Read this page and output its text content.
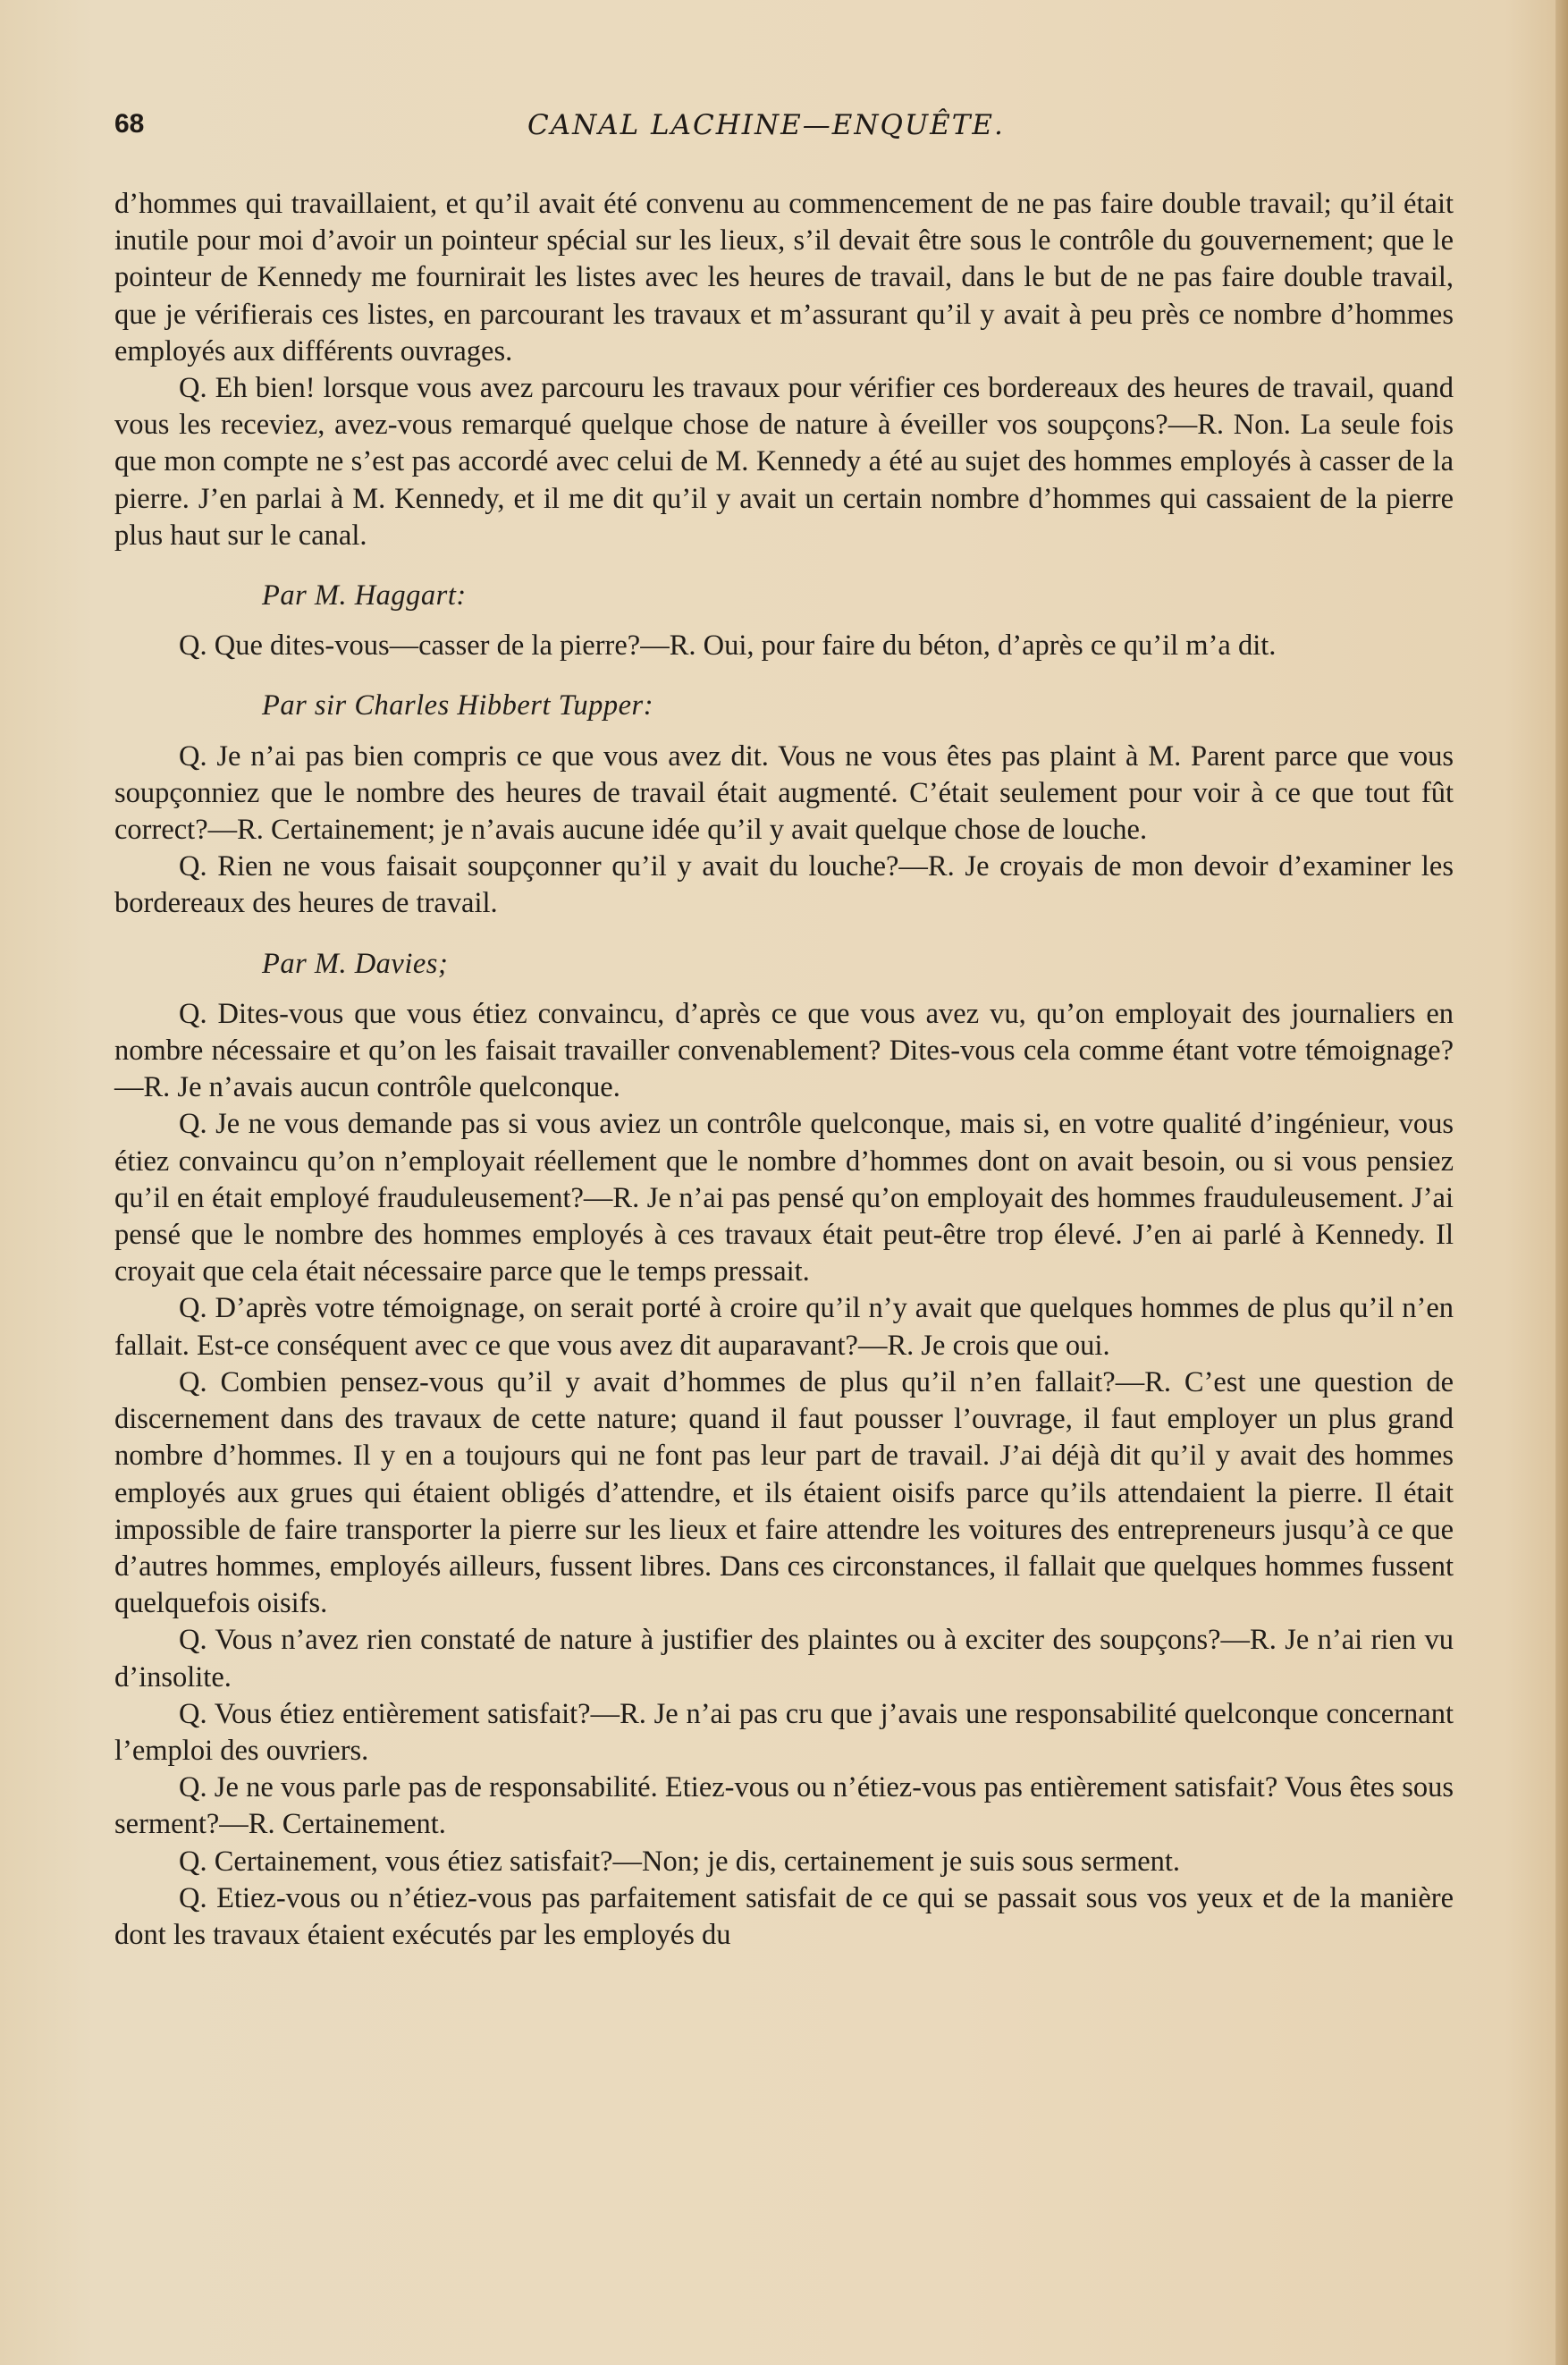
68	CANAL LACHINE—ENQUÊTE.

d’hommes qui travaillaient, et qu’il avait été convenu au commencement de ne pas faire double travail; qu’il était inutile pour moi d’avoir un pointeur spécial sur les lieux, s’il devait être sous le contrôle du gouvernement; que le pointeur de Kennedy me fournirait les listes avec les heures de travail, dans le but de ne pas faire double travail, que je vérifierais ces listes, en parcourant les travaux et m’assurant qu’il y avait à peu près ce nombre d’hommes employés aux différents ouvrages.

Q. Eh bien! lorsque vous avez parcouru les travaux pour vérifier ces bordereaux des heures de travail, quand vous les receviez, avez-vous remarqué quelque chose de nature à éveiller vos soupçons?—R. Non. La seule fois que mon compte ne s’est pas accordé avec celui de M. Kennedy a été au sujet des hommes employés à casser de la pierre. J’en parlai à M. Kennedy, et il me dit qu’il y avait un certain nombre d’hommes qui cassaient de la pierre plus haut sur le canal.

Par M. Haggart:

Q. Que dites-vous—casser de la pierre?—R. Oui, pour faire du béton, d’après ce qu’il m’a dit.

Par sir Charles Hibbert Tupper:

Q. Je n’ai pas bien compris ce que vous avez dit. Vous ne vous êtes pas plaint à M. Parent parce que vous soupçonniez que le nombre des heures de travail était augmenté. C’était seulement pour voir à ce que tout fût correct?—R. Certainement; je n’avais aucune idée qu’il y avait quelque chose de louche.

Q. Rien ne vous faisait soupçonner qu’il y avait du louche?—R. Je croyais de mon devoir d’examiner les bordereaux des heures de travail.

Par M. Davies;

Q. Dites-vous que vous étiez convaincu, d’après ce que vous avez vu, qu’on employait des journaliers en nombre nécessaire et qu’on les faisait travailler convenablement? Dites-vous cela comme étant votre témoignage?—R. Je n’avais aucun contrôle quelconque.

Q. Je ne vous demande pas si vous aviez un contrôle quelconque, mais si, en votre qualité d’ingénieur, vous étiez convaincu qu’on n’employait réellement que le nombre d’hommes dont on avait besoin, ou si vous pensiez qu’il en était employé frauduleusement?—R. Je n’ai pas pensé qu’on employait des hommes frauduleusement. J’ai pensé que le nombre des hommes employés à ces travaux était peut-être trop élevé. J’en ai parlé à Kennedy. Il croyait que cela était nécessaire parce que le temps pressait.

Q. D’après votre témoignage, on serait porté à croire qu’il n’y avait que quelques hommes de plus qu’il n’en fallait. Est-ce conséquent avec ce que vous avez dit auparavant?—R. Je crois que oui.

Q. Combien pensez-vous qu’il y avait d’hommes de plus qu’il n’en fallait?—R. C’est une question de discernement dans des travaux de cette nature; quand il faut pousser l’ouvrage, il faut employer un plus grand nombre d’hommes. Il y en a toujours qui ne font pas leur part de travail. J’ai déjà dit qu’il y avait des hommes employés aux grues qui étaient obligés d’attendre, et ils étaient oisifs parce qu’ils attendaient la pierre. Il était impossible de faire transporter la pierre sur les lieux et faire attendre les voitures des entrepreneurs jusqu’à ce que d’autres hommes, employés ailleurs, fussent libres. Dans ces circonstances, il fallait que quelques hommes fussent quelquefois oisifs.

Q. Vous n’avez rien constaté de nature à justifier des plaintes ou à exciter des soupçons?—R. Je n’ai rien vu d’insolite.

Q. Vous étiez entièrement satisfait?—R. Je n’ai pas cru que j’avais une responsabilité quelconque concernant l’emploi des ouvriers.

Q. Je ne vous parle pas de responsabilité. Etiez-vous ou n’étiez-vous pas entièrement satisfait? Vous êtes sous serment?—R. Certainement.

Q. Certainement, vous étiez satisfait?—Non; je dis, certainement je suis sous serment.

Q. Etiez-vous ou n’étiez-vous pas parfaitement satisfait de ce qui se passait sous vos yeux et de la manière dont les travaux étaient exécutés par les employés du
